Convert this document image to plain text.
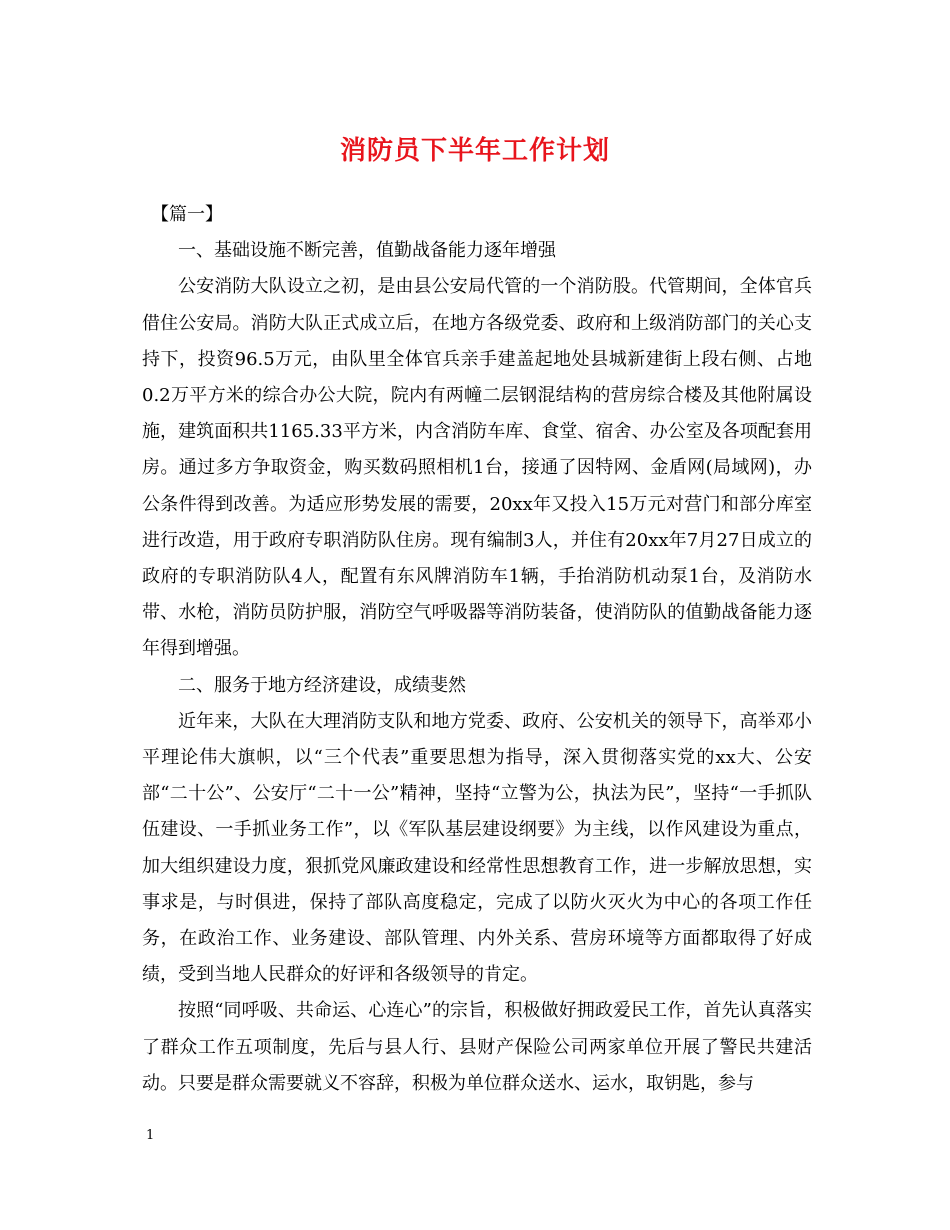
消防员下半年工作计划

【篇一】

一、基础设施不断完善，值勤战备能力逐年增强

公安消防大队设立之初，是由县公安局代管的一个消防股。代管期间，全体官兵借住公安局。消防大队正式成立后，在地方各级党委、政府和上级消防部门的关心支持下，投资96.5万元，由队里全体官兵亲手建盖起地处县城新建街上段右侧、占地0.2万平方米的综合办公大院，院内有两幢二层钢混结构的营房综合楼及其他附属设施，建筑面积共1165.33平方米，内含消防车库、食堂、宿舍、办公室及各项配套用房。通过多方争取资金，购买数码照相机1台，接通了因特网、金盾网(局域网)，办公条件得到改善。为适应形势发展的需要，20xx年又投入15万元对营门和部分库室进行改造，用于政府专职消防队住房。现有编制3人，并住有20xx年7月27日成立的政府的专职消防队4人，配置有东风牌消防车1辆，手抬消防机动泵1台，及消防水带、水枪，消防员防护服，消防空气呼吸器等消防装备，使消防队的值勤战备能力逐年得到增强。

二、服务于地方经济建设，成绩斐然

近年来，大队在大理消防支队和地方党委、政府、公安机关的领导下，高举邓小平理论伟大旗帜，以“三个代表”重要思想为指导，深入贯彻落实党的xx大、公安部“二十公”、公安厅“二十一公”精神，坚持“立警为公，执法为民”，坚持“一手抓队伍建设、一手抓业务工作”，以《军队基层建设纲要》为主线，以作风建设为重点，加大组织建设力度，狠抓党风廉政建设和经常性思想教育工作，进一步解放思想，实事求是，与时俱进，保持了部队高度稳定，完成了以防火灭火为中心的各项工作任务，在政治工作、业务建设、部队管理、内外关系、营房环境等方面都取得了好成绩，受到当地人民群众的好评和各级领导的肯定。

按照“同呼吸、共命运、心连心”的宗旨，积极做好拥政爱民工作，首先认真落实了群众工作五项制度，先后与县人行、县财产保险公司两家单位开展了警民共建活动。只要是群众需要就义不容辞，积极为单位群众送水、运水，取钥匙，参与

1
